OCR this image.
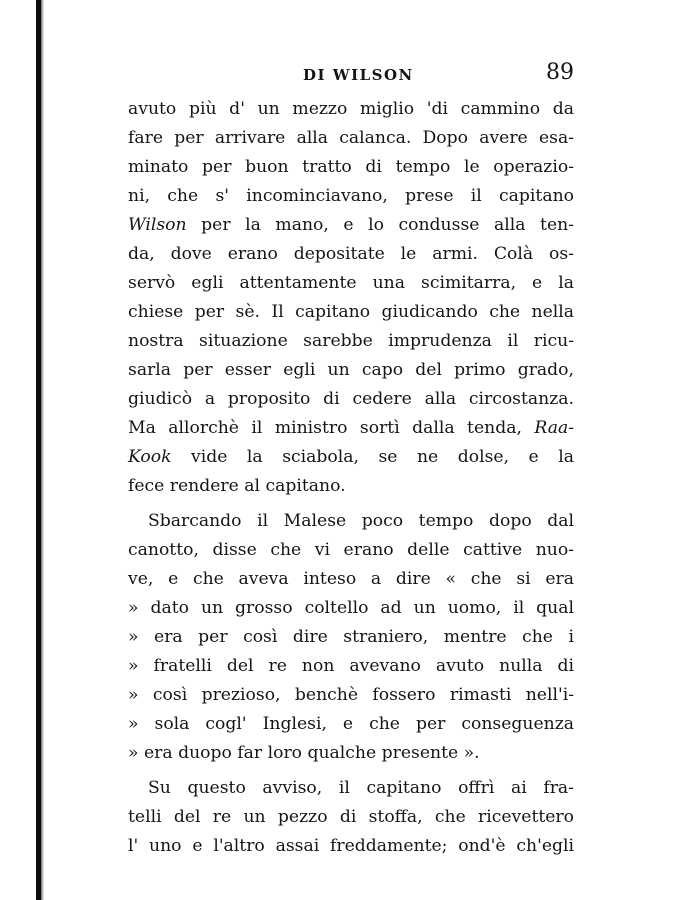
DI WILSON	89
avuto più d' un mezzo miglio 'di cammino da
fare per arrivare alla calanca. Dopo avere esa-
minato per buon tratto di tempo le operazio-
ni, che s' incominciavano, prese il capitano
Wilson per la mano, e lo condusse alla ten-
da, dove erano depositate le armi. Colà os-
servò egli attentamente una scimitarra, e la
chiese per sè. Il capitano giudicando che nella
nostra situazione sarebbe imprudenza il ricu-
sarla per esser egli un capo del primo grado,
giudicò a proposito di cedere alla circostanza.
Ma allorchè il ministro sortì dalla tenda, Raa-
Kook vide la sciabola, se ne dolse, e la
fece rendere al capitano.
Sbarcando il Malese poco tempo dopo dal
canotto, disse che vi erano delle cattive nuo-
ve, e che aveva inteso a dire « che si era
» dato un grosso coltello ad un uomo, il qual
» era per così dire straniero, mentre che i
» fratelli del re non avevano avuto nulla di
» così prezioso, benchè fossero rimasti nell'i-
» sola cogl' Inglesi, e che per conseguenza
» era duopo far loro qualche presente ».
Su questo avviso, il capitano offrì ai fra-
telli del re un pezzo di stoffa, che ricevettero
l' uno e l'altro assai freddamente; ond'è ch'egli
